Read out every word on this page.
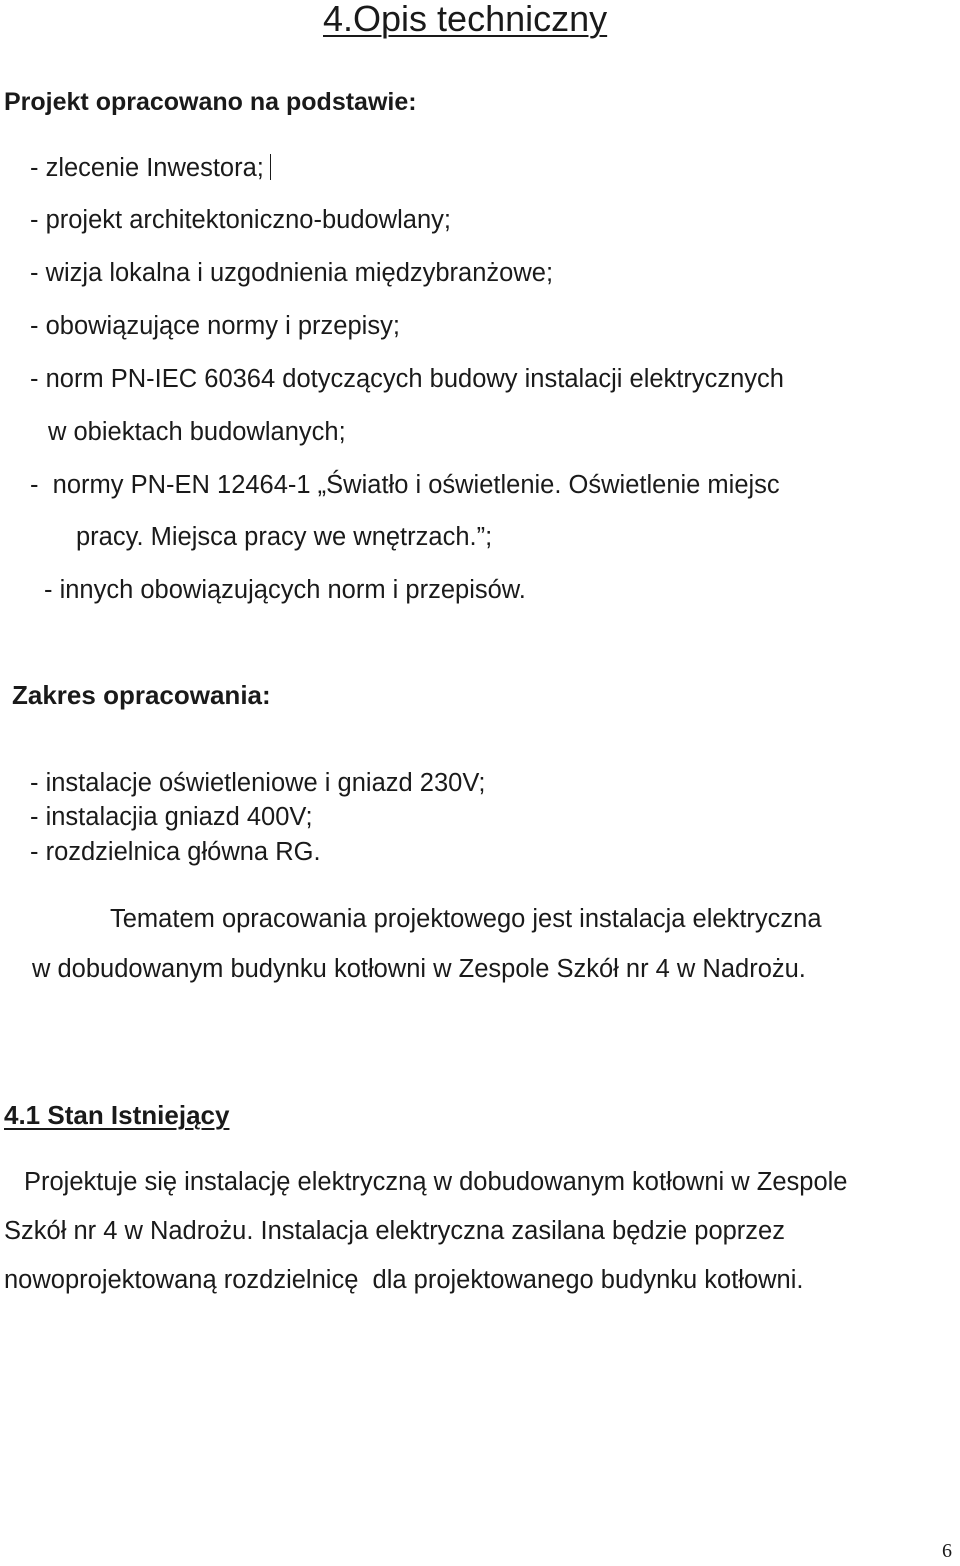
4.Opis techniczny
Projekt opracowano na podstawie:
- zlecenie Inwestora;
- projekt architektoniczno-budowlany;
- wizja lokalna i uzgodnienia międzybranżowe;
- obowiązujące normy i przepisy;
- norm PN-IEC 60364 dotyczących budowy instalacji elektrycznych
w obiektach budowlanych;
-  normy PN-EN 12464-1 „Światło i oświetlenie. Oświetlenie miejsc
pracy. Miejsca pracy we wnętrzach.”;
- innych obowiązujących norm i przepisów.
Zakres opracowania:
- instalacje oświetleniowe i gniazd 230V;
- instalacjia gniazd 400V;
- rozdzielnica główna RG.
Tematem opracowania projektowego jest instalacja elektryczna
w dobudowanym budynku kotłowni w Zespole Szkół nr 4 w Nadrożu.
4.1 Stan Istniejący
Projektuje się instalację elektryczną w dobudowanym kotłowni w Zespole
Szkół nr 4 w Nadrożu. Instalacja elektryczna zasilana będzie poprzez
nowoprojektowaną rozdzielnicę  dla projektowanego budynku kotłowni.
6
